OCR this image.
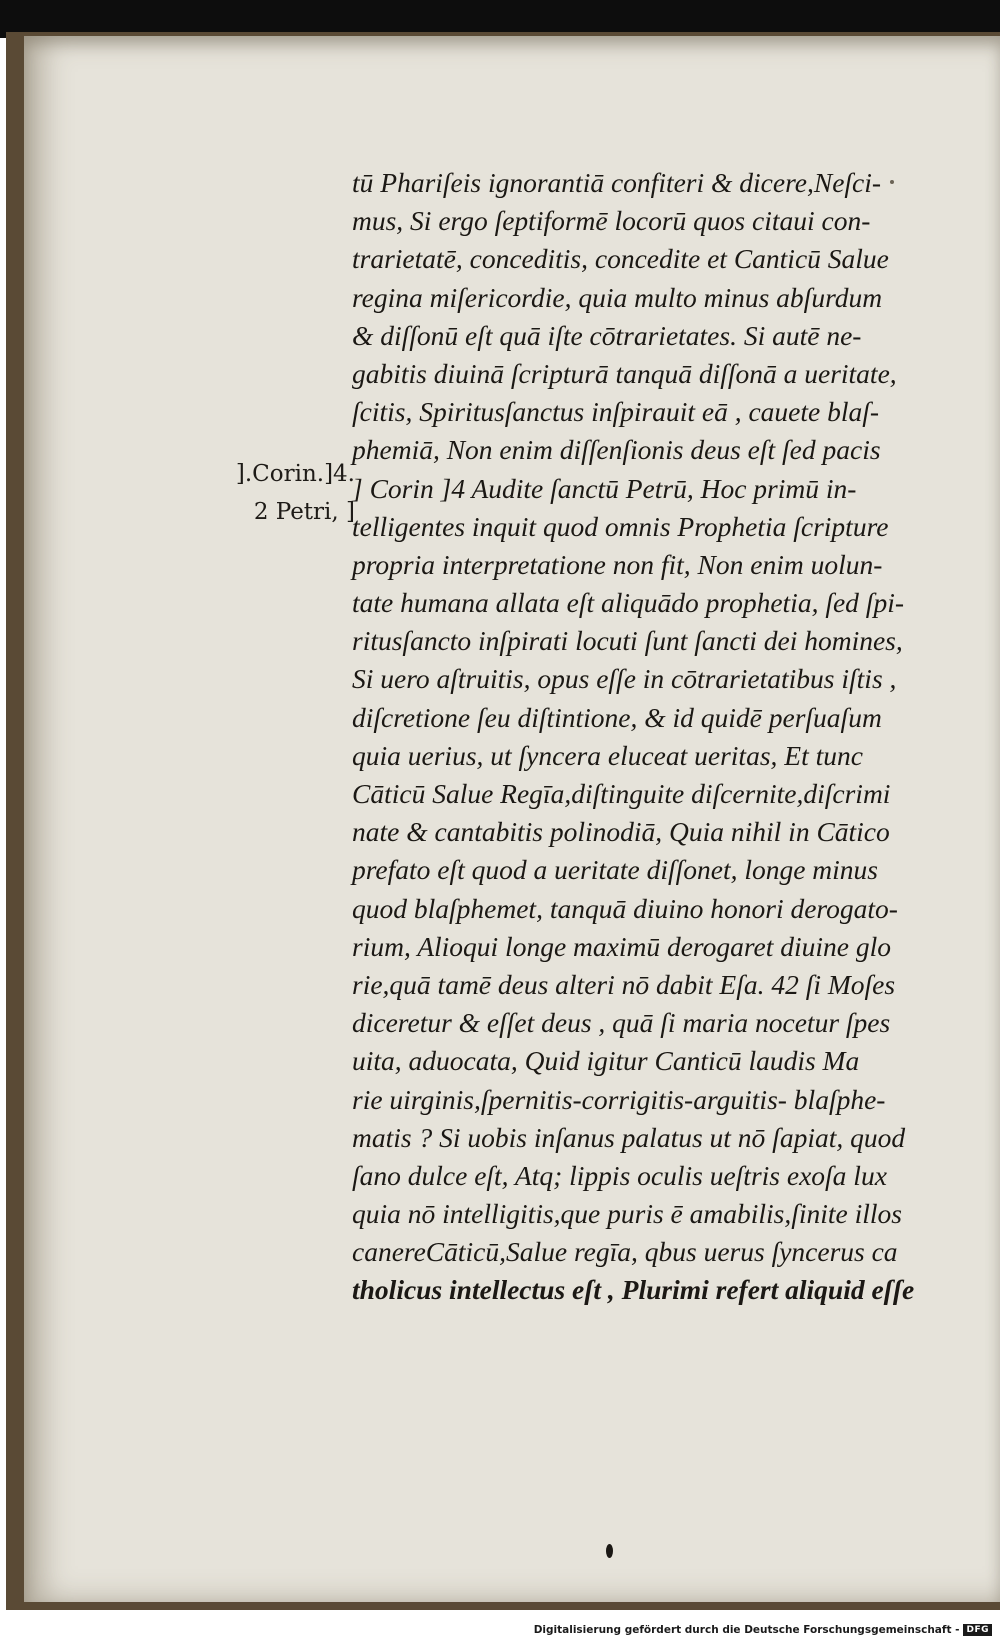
].Corin.]4.
2 Petri, ]
tū Phariſeis ignorantiā confiteri & dicere,Neſci-
mus, Si ergo ſeptiformē locorū quos citaui con-
trarietatē, conceditis, concedite et Canticū Salue
regina miſericordie, quia multo minus abſurdum
& diſſonū eſt quā iſte cōtrarietates. Si autē ne-
gabitis diuinā ſcripturā tanquā diſſonā a ueritate,
ſcitis, Spiritusſanctus inſpirauit eā , cauete blaſ-
phemiā, Non enim diſſenſionis deus eſt ſed pacis
] Corin ]4 Audite ſanctū Petrū, Hoc primū in-
telligentes inquit quod omnis Prophetia ſcripture
propria interpretatione non fit, Non enim uolun-
tate humana allata eſt aliquādo prophetia, ſed ſpi-
ritusſancto inſpirati locuti ſunt ſancti dei homines,
Si uero aſtruitis, opus eſſe in cōtrarietatibus iſtis ,
diſcretione ſeu diſtintione, & id quidē perſuaſum
quia uerius, ut ſyncera eluceat ueritas, Et tunc
Cāticū Salue Regīa,diſtinguite diſcernite,diſcrimi
nate & cantabitis polinodiā, Quia nihil in Cātico
prefato eſt quod a ueritate diſſonet, longe minus
quod blaſphemet, tanquā diuino honori derogato-
rium, Alioqui longe maximū derogaret diuine glo
rie,quā tamē deus alteri nō dabit Eſa. 42 ſi Moſes
diceretur & eſſet deus , quā ſi maria nocetur ſpes
uita, aduocata, Quid igitur Canticū laudis Ma
rie uirginis,ſpernitis-corrigitis-arguitis- blaſphe-
matis ? Si uobis inſanus palatus ut nō ſapiat, quod
ſano dulce eſt, Atq; lippis oculis ueſtris exoſa lux
quia nō intelligitis,que puris ē amabilis,ſinite illos
canereCāticū,Salue regīa, qbus uerus ſyncerus ca
tholicus intellectus eſt , Plurimi refert aliquid eſſe
Digitalisierung gefördert durch die Deutsche Forschungsgemeinschaft - DFG
